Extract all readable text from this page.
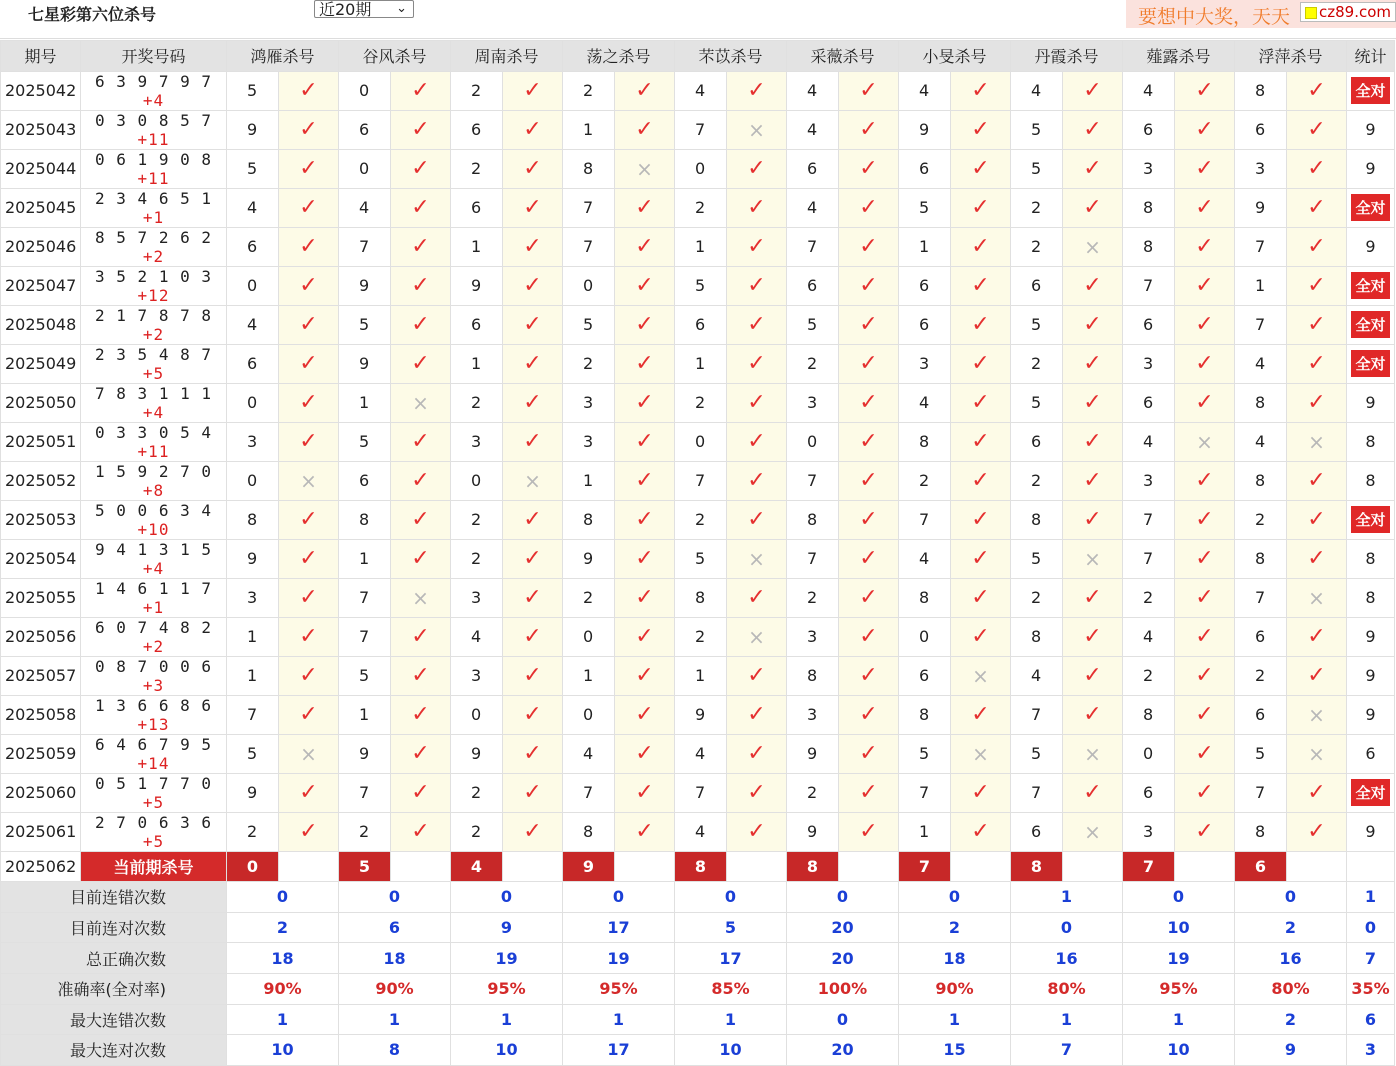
七星彩第六位杀号	近20期 ⌄	要想中大奖，天天	cz89.com
期号	开奖号码	鸿雁杀号		谷风杀号		周南杀号		荡之杀号		芣苡杀号		采薇杀号		小旻杀号		丹霞杀号		薤露杀号		浮萍杀号		统计
2025042	6 3 9 7 9 7 +4	5	✓	0	✓	2	✓	2	✓	4	✓	4	✓	4	✓	4	✓	4	✓	8	✓	全对
2025043	0 3 0 8 5 7 +11	9	✓	6	✓	6	✓	1	✓	7	×	4	✓	9	✓	5	✓	6	✓	6	✓	9
2025044	0 6 1 9 0 8 +11	5	✓	0	✓	2	✓	8	×	0	✓	6	✓	6	✓	5	✓	3	✓	3	✓	9
2025045	2 3 4 6 5 1 +1	4	✓	4	✓	6	✓	7	✓	2	✓	4	✓	5	✓	2	✓	8	✓	9	✓	全对
2025046	8 5 7 2 6 2 +2	6	✓	7	✓	1	✓	7	✓	1	✓	7	✓	1	✓	2	×	8	✓	7	✓	9
2025047	3 5 2 1 0 3 +12	0	✓	9	✓	9	✓	0	✓	5	✓	6	✓	6	✓	6	✓	7	✓	1	✓	全对
2025048	2 1 7 8 7 8 +2	4	✓	5	✓	6	✓	5	✓	6	✓	5	✓	6	✓	5	✓	6	✓	7	✓	全对
2025049	2 3 5 4 8 7 +5	6	✓	9	✓	1	✓	2	✓	1	✓	2	✓	3	✓	2	✓	3	✓	4	✓	全对
2025050	7 8 3 1 1 1 +4	0	✓	1	×	2	✓	3	✓	2	✓	3	✓	4	✓	5	✓	6	✓	8	✓	9
2025051	0 3 3 0 5 4 +11	3	✓	5	✓	3	✓	3	✓	0	✓	0	✓	8	✓	6	✓	4	×	4	×	8
2025052	1 5 9 2 7 0 +8	0	×	6	✓	0	×	1	✓	7	✓	7	✓	2	✓	2	✓	3	✓	8	✓	8
2025053	5 0 0 6 3 4 +10	8	✓	8	✓	2	✓	8	✓	2	✓	8	✓	7	✓	8	✓	7	✓	2	✓	全对
2025054	9 4 1 3 1 5 +4	9	✓	1	✓	2	✓	9	✓	5	×	7	✓	4	✓	5	×	7	✓	8	✓	8
2025055	1 4 6 1 1 7 +1	3	✓	7	×	3	✓	2	✓	8	✓	2	✓	8	✓	2	✓	2	✓	7	×	8
2025056	6 0 7 4 8 2 +2	1	✓	7	✓	4	✓	0	✓	2	×	3	✓	0	✓	8	✓	4	✓	6	✓	9
2025057	0 8 7 0 0 6 +3	1	✓	5	✓	3	✓	1	✓	1	✓	8	✓	6	×	4	✓	2	✓	2	✓	9
2025058	1 3 6 6 8 6 +13	7	✓	1	✓	0	✓	0	✓	9	✓	3	✓	8	✓	7	✓	8	✓	6	×	9
2025059	6 4 6 7 9 5 +14	5	×	9	✓	9	✓	4	✓	4	✓	9	✓	5	×	5	×	0	✓	5	×	6
2025060	0 5 1 7 7 0 +5	9	✓	7	✓	2	✓	7	✓	7	✓	2	✓	7	✓	7	✓	6	✓	7	✓	全对
2025061	2 7 0 6 3 6 +5	2	✓	2	✓	2	✓	8	✓	4	✓	9	✓	1	✓	6	×	3	✓	8	✓	9
2025062	当前期杀号	0		5		4		9		8		8		7		8		7		6		
目前连错次数		0		0		0		0		0		0		0		1		0		0		1
目前连对次数		2		6		9		17		5		20		2		0		10		2		0
总正确次数		18		18		19		19		17		20		18		16		19		16		7
准确率(全对率)		90%		90%		95%		95%		85%		100%		90%		80%		95%		80%		35%
最大连错次数		1		1		1		1		1		0		1		1		1		2		6
最大连对次数		10		8		10		17		10		20		15		7		10		9		3
